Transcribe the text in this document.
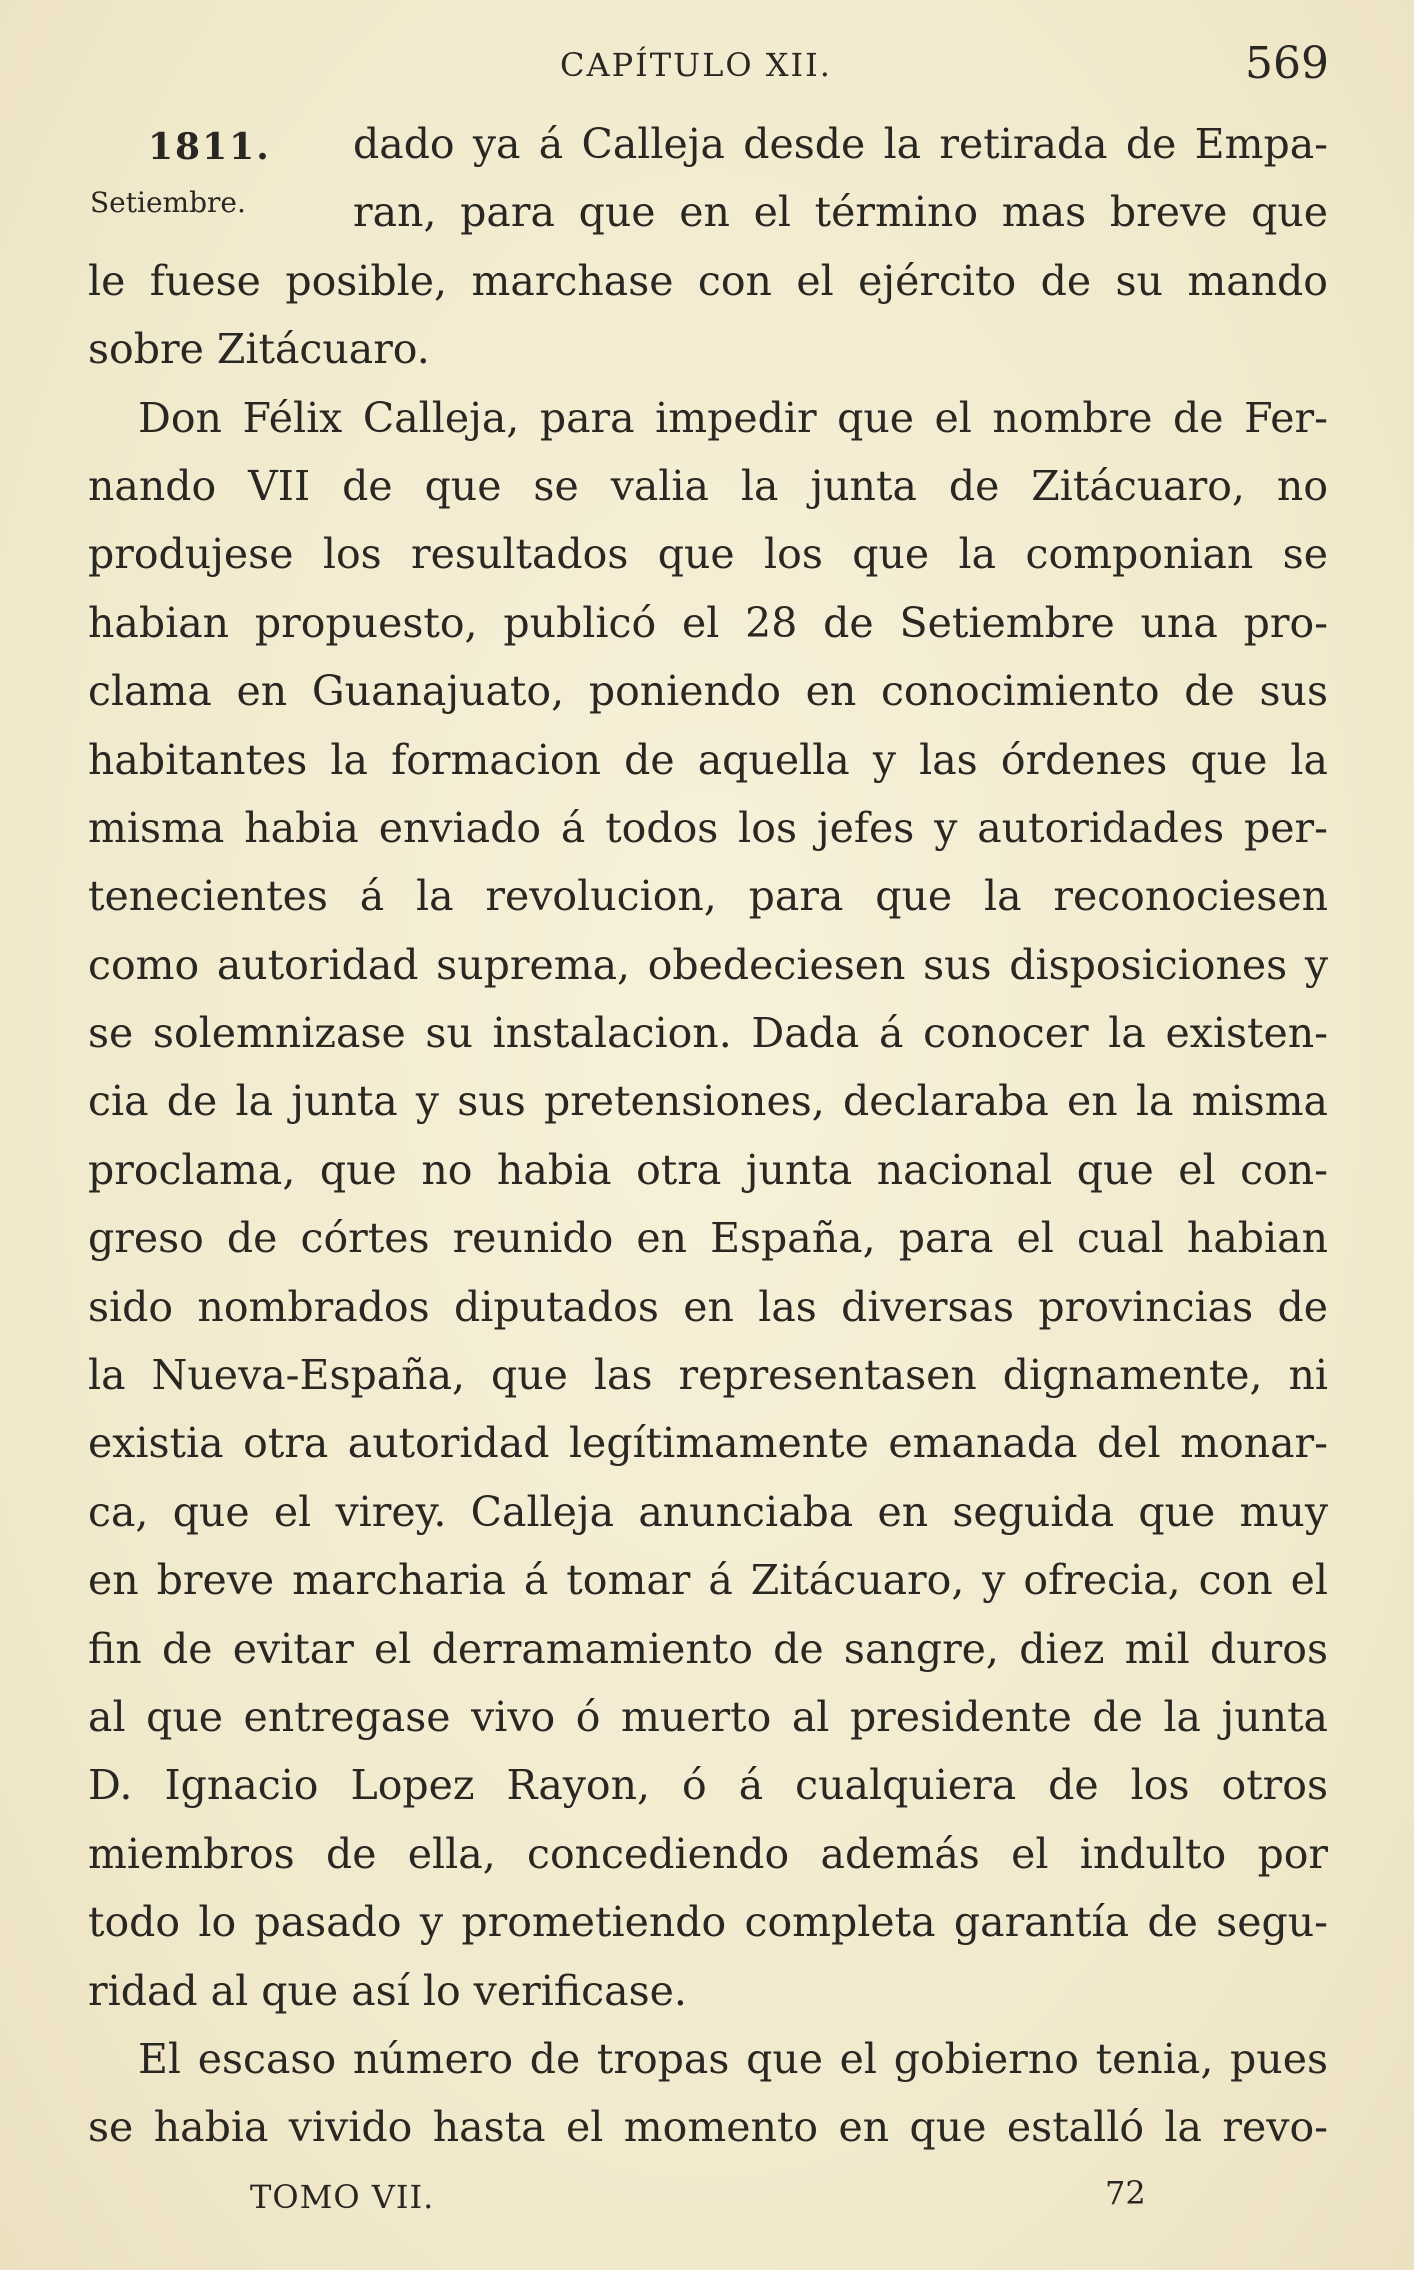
CAPÍTULO XII.	569
1811.
Setiembre.
dado ya á Calleja desde la retirada de Empa-
ran, para que en el término mas breve que
le fuese posible, marchase con el ejército de su mando
sobre Zitácuaro.
Don Félix Calleja, para impedir que el nombre de Fer-
nando VII de que se valia la junta de Zitácuaro, no
produjese los resultados que los que la componian se
habian propuesto, publicó el 28 de Setiembre una pro-
clama en Guanajuato, poniendo en conocimiento de sus
habitantes la formacion de aquella y las órdenes que la
misma habia enviado á todos los jefes y autoridades per-
tenecientes á la revolucion, para que la reconociesen
como autoridad suprema, obedeciesen sus disposiciones y
se solemnizase su instalacion. Dada á conocer la existen-
cia de la junta y sus pretensiones, declaraba en la misma
proclama, que no habia otra junta nacional que el con-
greso de córtes reunido en España, para el cual habian
sido nombrados diputados en las diversas provincias de
la Nueva-España, que las representasen dignamente, ni
existia otra autoridad legítimamente emanada del monar-
ca, que el virey. Calleja anunciaba en seguida que muy
en breve marcharia á tomar á Zitácuaro, y ofrecia, con el
fin de evitar el derramamiento de sangre, diez mil duros
al que entregase vivo ó muerto al presidente de la junta
D. Ignacio Lopez Rayon, ó á cualquiera de los otros
miembros de ella, concediendo además el indulto por
todo lo pasado y prometiendo completa garantía de segu-
ridad al que así lo verificase.
El escaso número de tropas que el gobierno tenia, pues
se habia vivido hasta el momento en que estalló la revo-
TOMO VII.	72
